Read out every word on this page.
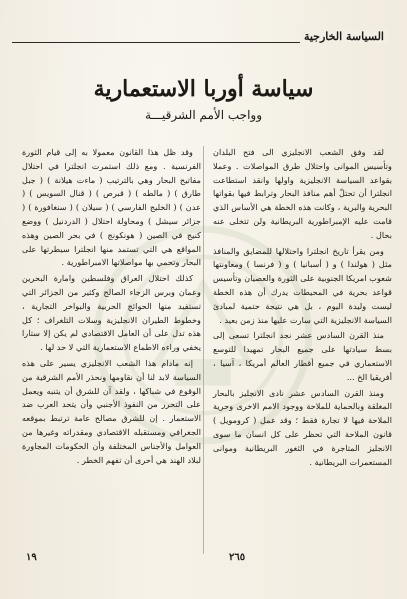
السياسة الخارجية
سياسة أوربا الاستعمارية
وواجب الأمم الشرقيـــة

لقد وفق الشعب الانجليزي الى فتح البلدان وتأسيس الموانى واحتلال طرق المواصلات . وعملا بقواعد السياسة الانجليزية واولها وانقد استطاعت انجلترا أن تحتلّ أهم منافذ البحار وترابط فيها بقواتها البحرية والبرية ، وكانت هذه الخطة هي الأساس الذي قامت عليه الإمبراطورية البريطانية ولن تتخلى عنه بحال .

ومن يقرأ تاريخ انجلترا واحتلالها للمضايق والمنافذ مثل ( هولندا ) و ( أسبانيا ) و ( فرنسا ) ومعاونتها شعوب امريكا الجنوبية على الثورة والعصيان وتأسيس قواعد بحرية في المحيطات يدرك أن هذه الخطة ليست وليدة اليوم ، بل هي نتيجة حتمية لمبادئ السياسة الانجليزية التي سارت عليها منذ زمن بعيد .

منذ القرن السادس عشر نجد انجلترا تسعى إلى بسط سيادتها على جميع البحار تمهيدا للتوسع الاستعماري في جميع أقطار العالم أمريكا ، آسيا ، أفريقيا الخ ...

ومنذ القرن السادس عشر نادى الانجليز بالبحار المغلقة وبالحماية للملاحة ووجود الامم الاخرى وحرية الملاحة فيها لا تجارة فقط ؛ وقد عمل ( كرومويل ) قانون الملاحة التي تحظر على كل انسان ما سوى الانجليز المتاجرة في الثغور البريطانية وموانى المستعمرات البريطانية .

وقد ظل هذا القانون معمولا به إلى قيام الثورة الفرنسية . ومع ذلك استمرت انجلترا في احتلال مفاتيح البحار وهي بالترتيب ( ماءت هيلانة ) ( جبل طارق ) ( مالطه ) ( قبرص ) ( قنال السويس ) ( عدن ) ( الخليج الفارسي ) ( سيلان ) ( سنغافورة ) ( جزائر سيشل ) ومحاولة احتلال ( الدردنيل ) ووضع كنيج في الصين ( هونكونج ) في بحر الصين وهذه المواقع هي التي تستمد منها انجلترا سيطرتها على البحار وتحمي بها مواصلاتها الامبراطورية .

كذلك احتلال العراق وفلسطين وامارة البحرين وعمان وبرس الزجاء الصالح وكثير من الجزائر التي تستفيد منها الحوائج الحربية والبواخر التجارية ، وخطوط الطيران الانجليزية وسلات التلغراف ؛ كل هذه تدل على أن العامل الاقتصادي لم يكن إلا ستارا يخفي وراءه الاطماع الاستعمارية التي لا حد لها .

إنه مادام هذا الشعب الانجليزي يسير على هذه السياسة لابد لنا أن نقاومها ونحذر الأمم الشرقية من الوقوع في شباكها ، ولقد آن للشرق أن يتنبه ويعمل على التحرر من النفوذ الأجنبي وأن يتحد العرب ضد الاستعمار . إن للشرق مصالح عامة ترتبط بموقعه الجغرافي ومستقبله الاقتصادي ومقدراته وغيرها من العوامل والأجناس المختلفة وأن الحكومات المجاورة لبلاد الهند هي أحرى أن تفهم الخطر .

١٩	٢٦٥
